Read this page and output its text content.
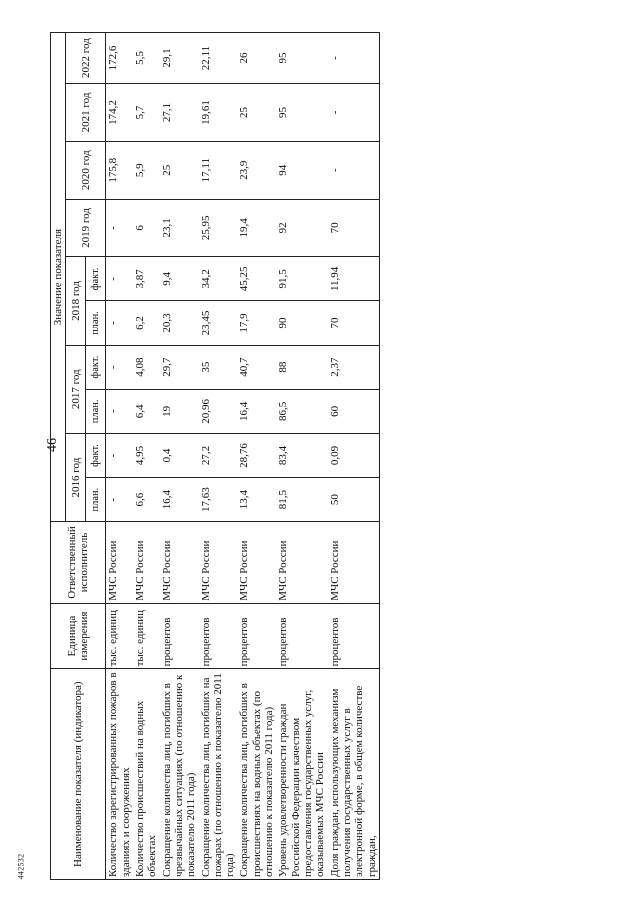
46
442532	Наименование показателя (индикатора)	Единица измерения	Ответственный исполнитель	Значение показателя									
			2016 год		2017 год		2018 год		2019 год	2020 год	2021 год	2022 год
			план.	факт.	план.	факт.	план.	факт.				
Количество зарегистрированных пожаров в зданиях и сооружениях	тыс. единиц	МЧС России	-	-	-	-	-	-	-	175,8	174,2	172,6
Количество происшествий на водных объектах	тыс. единиц	МЧС России	6,6	4,95	6,4	4,08	6,2	3,87	6	5,9	5,7	5,5
Сокращение количества лиц, погибших в чрезвычайных ситуациях (по отношению к показателю 2011 года)	процентов	МЧС России	16,4	0,4	19	29,7	20,3	9,4	23,1	25	27,1	29,1
Сокращение количества лиц, погибших на пожарах (по отношению к показателю 2011 года)	процентов	МЧС России	17,63	27,2	20,96	35	23,45	34,2	25,95	17,11	19,61	22,11
Сокращение количества лиц, погибших в происшествиях на водных объектах (по отношению к показателю 2011 года)	процентов	МЧС России	13,4	28,76	16,4	40,7	17,9	45,25	19,4	23,9	25	26
Уровень удовлетворенности граждан Российской Федерации качеством предоставления государственных услуг, оказываемых МЧС России	процентов	МЧС России	81,5	83,4	86,5	88	90	91,5	92	94	95	95
Доля граждан, использующих механизм получения государственных услуг в электронной форме, в общем количестве граждан,	процентов	МЧС России	50	0,09	60	2,37	70	11,94	70	-	-	-
